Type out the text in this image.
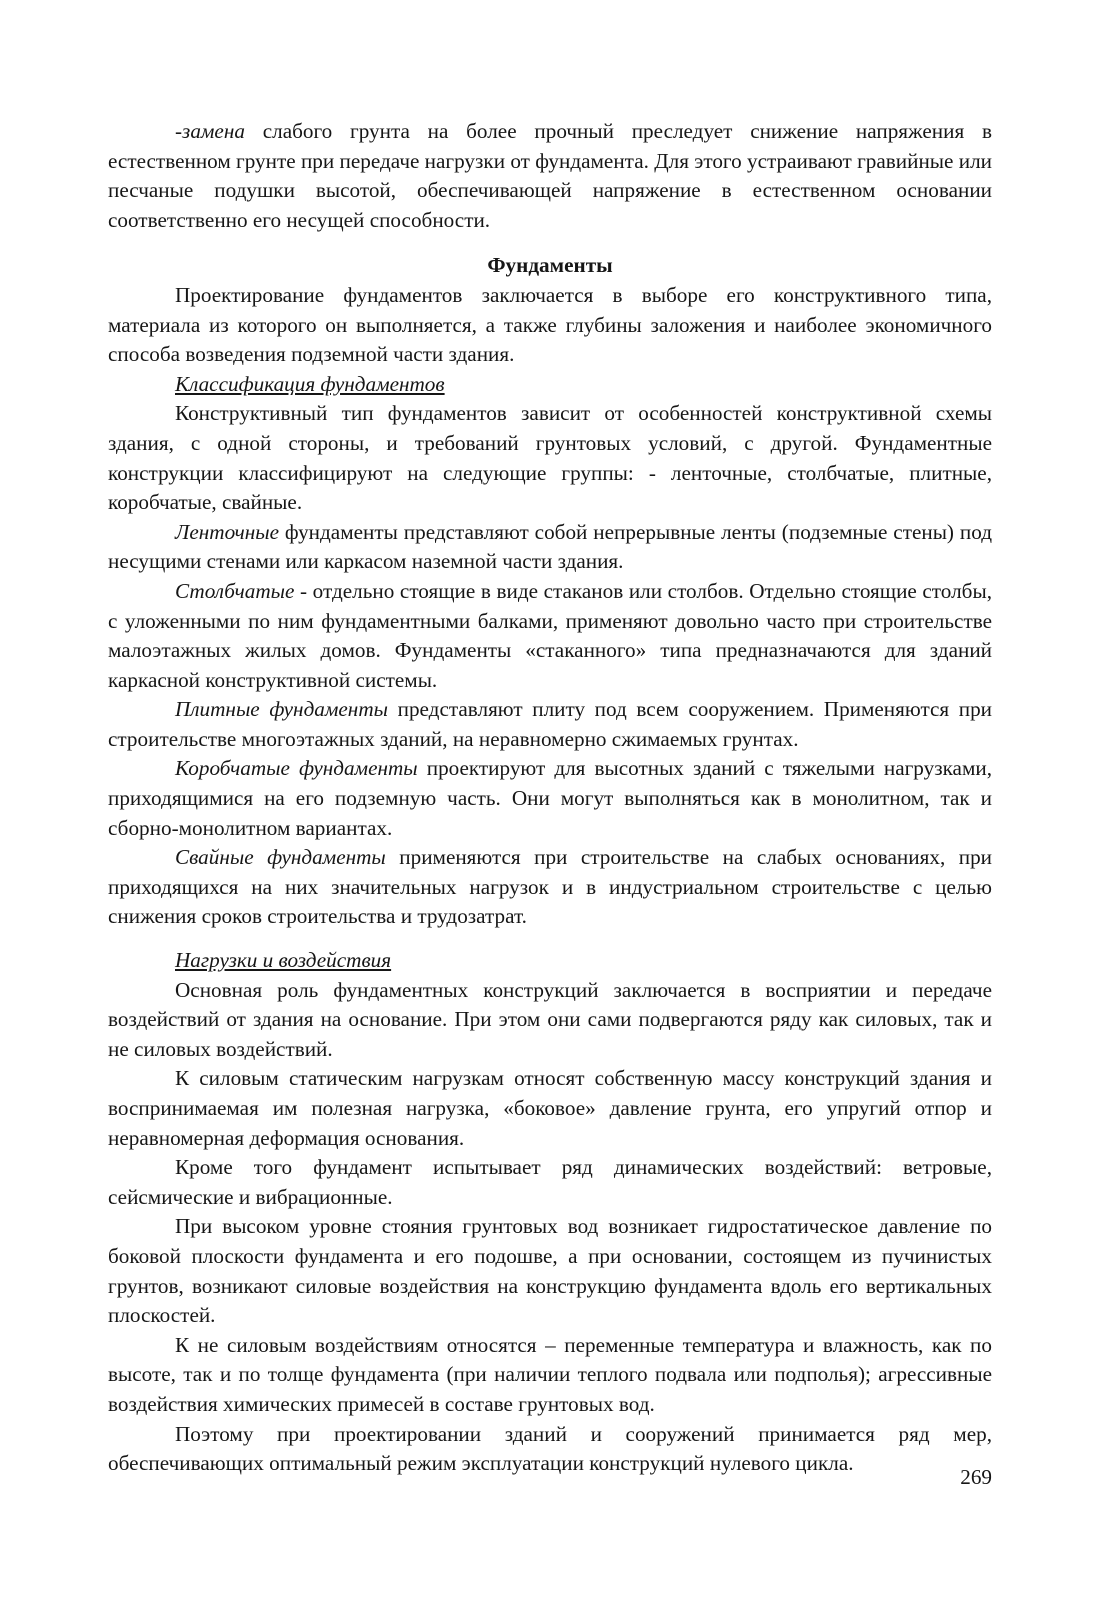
-замена слабого грунта на более прочный преследует снижение напряжения в естественном грунте при передаче нагрузки от фундамента. Для этого устраивают гравийные или песчаные подушки высотой, обеспечивающей напряжение в естественном основании соответственно его несущей способности.

Фундаменты

Проектирование фундаментов заключается в выборе его конструктивного типа, материала из которого он выполняется, а также глубины заложения и наиболее экономичного способа возведения подземной части здания.

Классификация фундаментов

Конструктивный тип фундаментов зависит от особенностей конструктивной схемы здания, с одной стороны, и требований грунтовых условий, с другой. Фундаментные конструкции классифицируют на следующие группы: - ленточные, столбчатые, плитные, коробчатые, свайные.

Ленточные фундаменты представляют собой непрерывные ленты (подземные стены) под несущими стенами или каркасом наземной части здания.

Столбчатые - отдельно стоящие в виде стаканов или столбов. Отдельно стоящие столбы, с уложенными по ним фундаментными балками, применяют довольно часто при строительстве малоэтажных жилых домов. Фундаменты «стаканного» типа предназначаются для зданий каркасной конструктивной системы.

Плитные фундаменты представляют плиту под всем сооружением. Применяются при строительстве многоэтажных зданий, на неравномерно сжимаемых грунтах.

Коробчатые фундаменты проектируют для высотных зданий с тяжелыми нагрузками, приходящимися на его подземную часть. Они могут выполняться как в монолитном, так и сборно-монолитном вариантах.

Свайные фундаменты применяются при строительстве на слабых основаниях, при приходящихся на них значительных нагрузок и в индустриальном строительстве с целью снижения сроков строительства и трудозатрат.

Нагрузки и воздействия

Основная роль фундаментных конструкций заключается в восприятии и передаче воздействий от здания на основание. При этом они сами подвергаются ряду как силовых, так и не силовых воздействий.

К силовым статическим нагрузкам относят собственную массу конструкций здания и воспринимаемая им полезная нагрузка, «боковое» давление грунта, его упругий отпор и неравномерная деформация основания.

Кроме того фундамент испытывает ряд динамических воздействий: ветровые, сейсмические и вибрационные.

При высоком уровне стояния грунтовых вод возникает гидростатическое давление по боковой плоскости фундамента и его подошве, а при основании, состоящем из пучинистых грунтов, возникают силовые воздействия на конструкцию фундамента вдоль его вертикальных плоскостей.

К не силовым воздействиям относятся – переменные температура и влажность, как по высоте, так и по толще фундамента (при наличии теплого подвала или подполья); агрессивные воздействия химических примесей в составе грунтовых вод.

Поэтому при проектировании зданий и сооружений принимается ряд мер, обеспечивающих оптимальный режим эксплуатации конструкций нулевого цикла.

269
